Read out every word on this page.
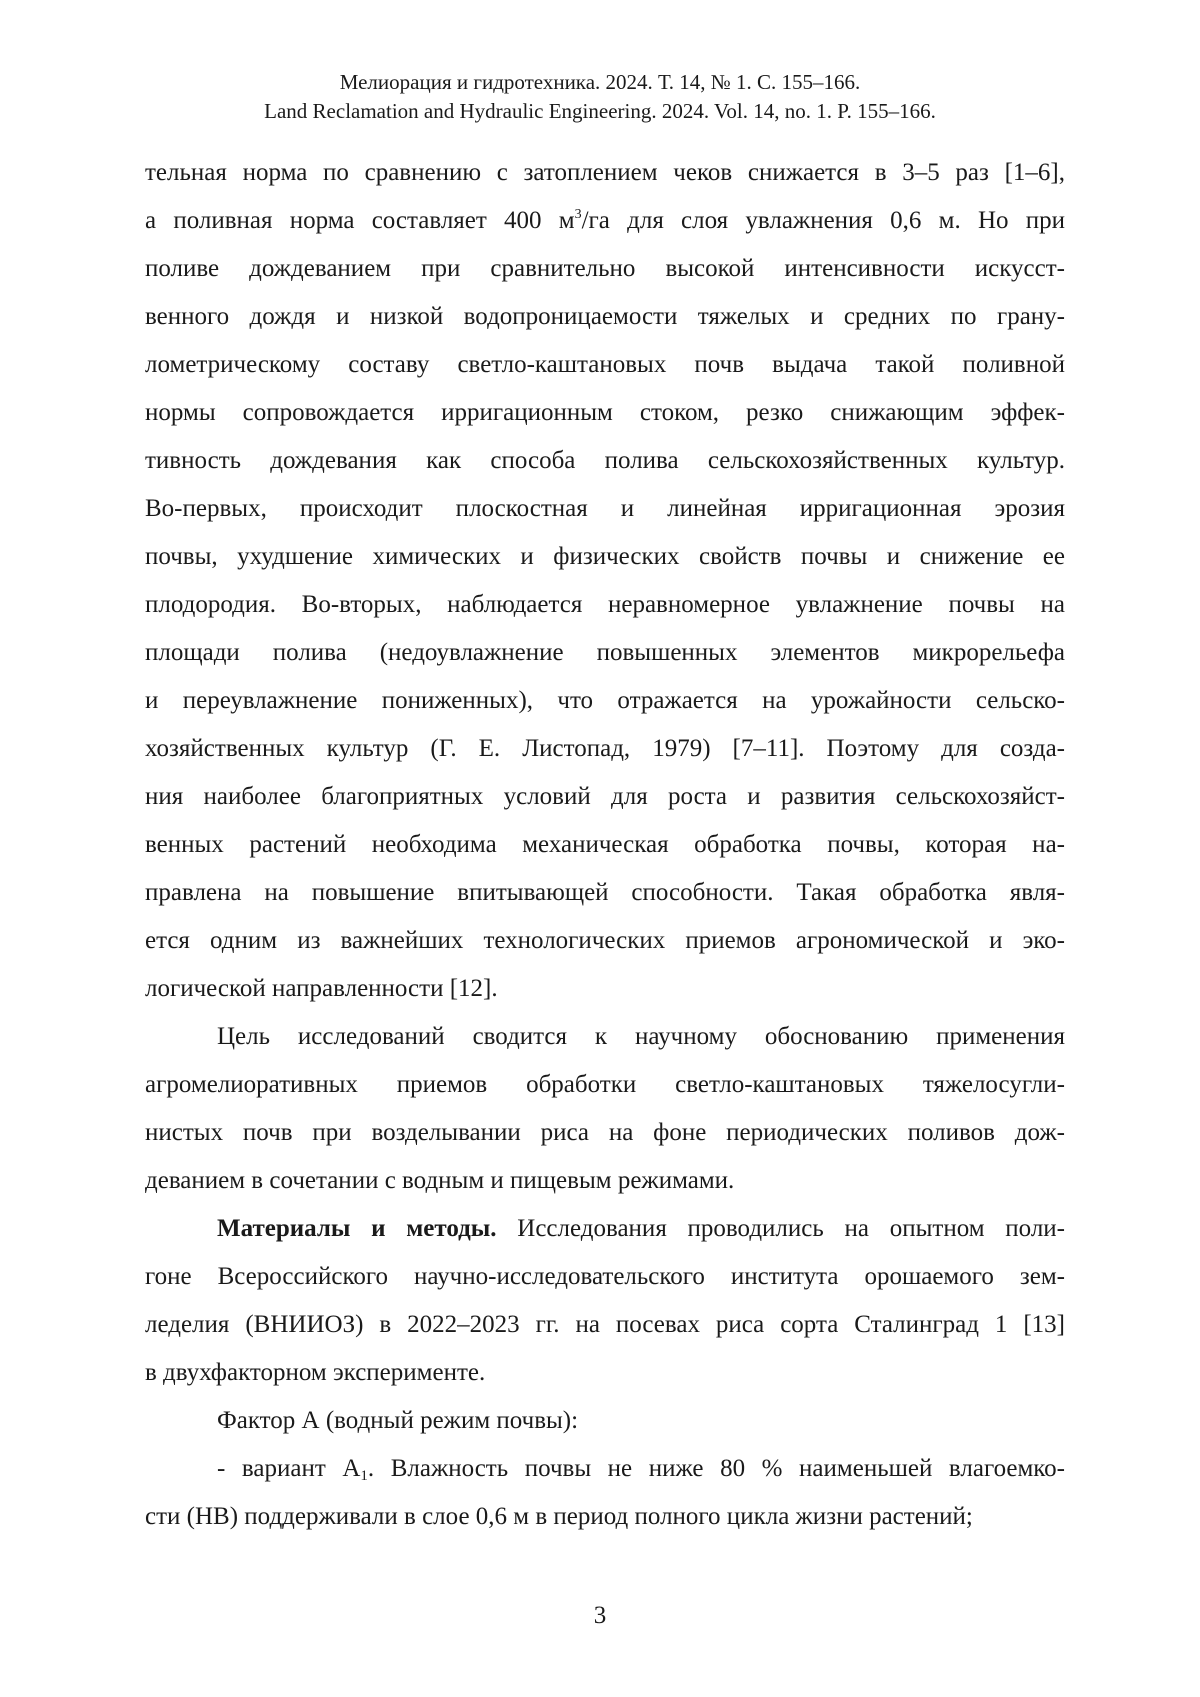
Мелиорация и гидротехника. 2024. Т. 14, № 1. С. 155–166.
Land Reclamation and Hydraulic Engineering. 2024. Vol. 14, no. 1. P. 155–166.
тельная норма по сравнению с затоплением чеков снижается в 3–5 раз [1–6],
а поливная норма составляет 400 $м^3/га$ для слоя увлажнения 0,6 м. Но при
поливе дождеванием при сравнительно высокой интенсивности искусст-
венного дождя и низкой водопроницаемости тяжелых и средних по грану-
лометрическому составу светло-каштановых почв выдача такой поливной
нормы сопровождается ирригационным стоком, резко снижающим эффек-
тивность дождевания как способа полива сельскохозяйственных культур.
Во-первых, происходит плоскостная и линейная ирригационная эрозия
почвы, ухудшение химических и физических свойств почвы и снижение ее
плодородия. Во-вторых, наблюдается неравномерное увлажнение почвы на
площади полива (недоувлажнение повышенных элементов микрорельефа
и переувлажнение пониженных), что отражается на урожайности сельско-
хозяйственных культур (Г. Е. Листопад, 1979) [7–11]. Поэтому для созда-
ния наиболее благоприятных условий для роста и развития сельскохозяйст-
венных растений необходима механическая обработка почвы, которая на-
правлена на повышение впитывающей способности. Такая обработка явля-
ется одним из важнейших технологических приемов агрономической и эко-
логической направленности [12].
Цель исследований сводится к научному обоснованию применения
агромелиоративных приемов обработки светло-каштановых тяжелосугли-
нистых почв при возделывании риса на фоне периодических поливов дож-
деванием в сочетании с водным и пищевым режимами.
Материалы и методы. Исследования проводились на опытном поли-
гоне Всероссийского научно-исследовательского института орошаемого зем-
леделия (ВНИИОЗ) в 2022–2023 гг. на посевах риса сорта Сталинград 1 [13]
в двухфакторном эксперименте.
Фактор А (водный режим почвы):
- вариант $А_1$. Влажность почвы не ниже 80 % наименьшей влагоемко-
сти (НВ) поддерживали в слое 0,6 м в период полного цикла жизни растений;
3
